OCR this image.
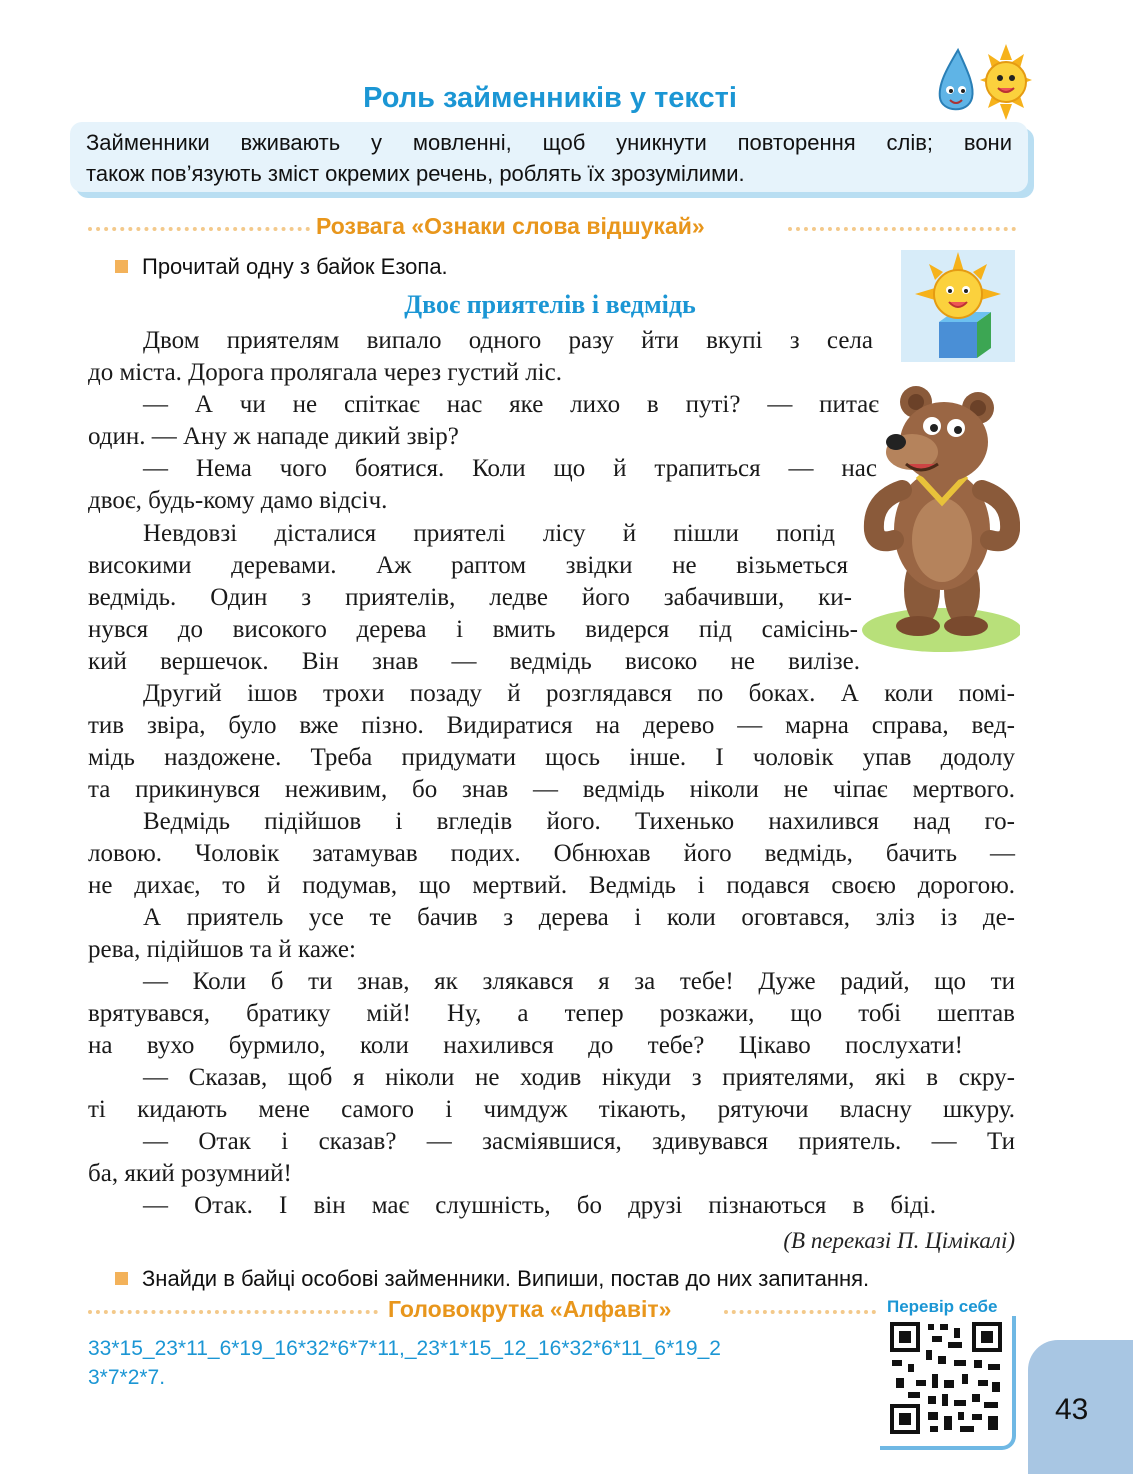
Роль займенників у тексті
Займенники вживають у мовленні, щоб уникнути повторення слів; вони
також пов’язують зміст окремих речень, роблять їх зрозумілими.
Розвага «Ознаки слова відшукай»
Прочитай одну з байок Езопа.
Двоє приятелів і ведмідь
Двом приятелям випало одного разу йти вкупі з села
до міста. Дорога пролягала через густий ліс.
— А чи не спіткає нас яке лихо в путі? — питає
один. — Ану ж нападе дикий звір?
— Нема чого боятися. Коли що й трапиться — нас
двоє, будь-кому дамо відсіч.
Невдовзі дісталися приятелі лісу й пішли попід
високими деревами. Аж раптом звідки не візьметься
ведмідь. Один з приятелів, ледве його забачивши, ки-
нувся до високого дерева і вмить видерся під самісінь-
кий вершечок. Він знав — ведмідь високо не вилізе.
Другий ішов трохи позаду й розглядався по боках. А коли помі-
тив звіра, було вже пізно. Видиратися на дерево — марна справа, вед-
мідь наздожене. Треба придумати щось інше. І чоловік упав додолу
та прикинувся неживим, бо знав — ведмідь ніколи не чіпає мертвого.
Ведмідь підійшов і вгледів його. Тихенько нахилився над го-
ловою. Чоловік затамував подих. Обнюхав його ведмідь, бачить —
не дихає, то й подумав, що мертвий. Ведмідь і подався своєю дорогою.
А приятель усе те бачив з дерева і коли оговтався, зліз із де-
рева, підійшов та й каже:
— Коли б ти знав, як злякався я за тебе! Дуже радий, що ти
врятувався, братику мій! Ну, а тепер розкажи, що тобі шептав
на вухо бурмило, коли нахилився до тебе? Цікаво послухати!
— Сказав, щоб я ніколи не ходив нікуди з приятелями, які в скру-
ті кидають мене самого і чимдуж тікають, рятуючи власну шкуру.
— Отак і сказав? — засміявшися, здивувався приятель. — Ти
ба, який розумний!
— Отак. І він має слушність, бо друзі пізнаються в біді.
(В переказі П. Цімікалі)
Знайди в байці особові займенники. Випиши, постав до них запитання.
Головокрутка «Алфавіт»
33*15_23*11_6*19_16*32*6*7*11,_23*1*15_12_16*32*6*11_6*19_2
3*7*2*7.
Перевір себе
43
